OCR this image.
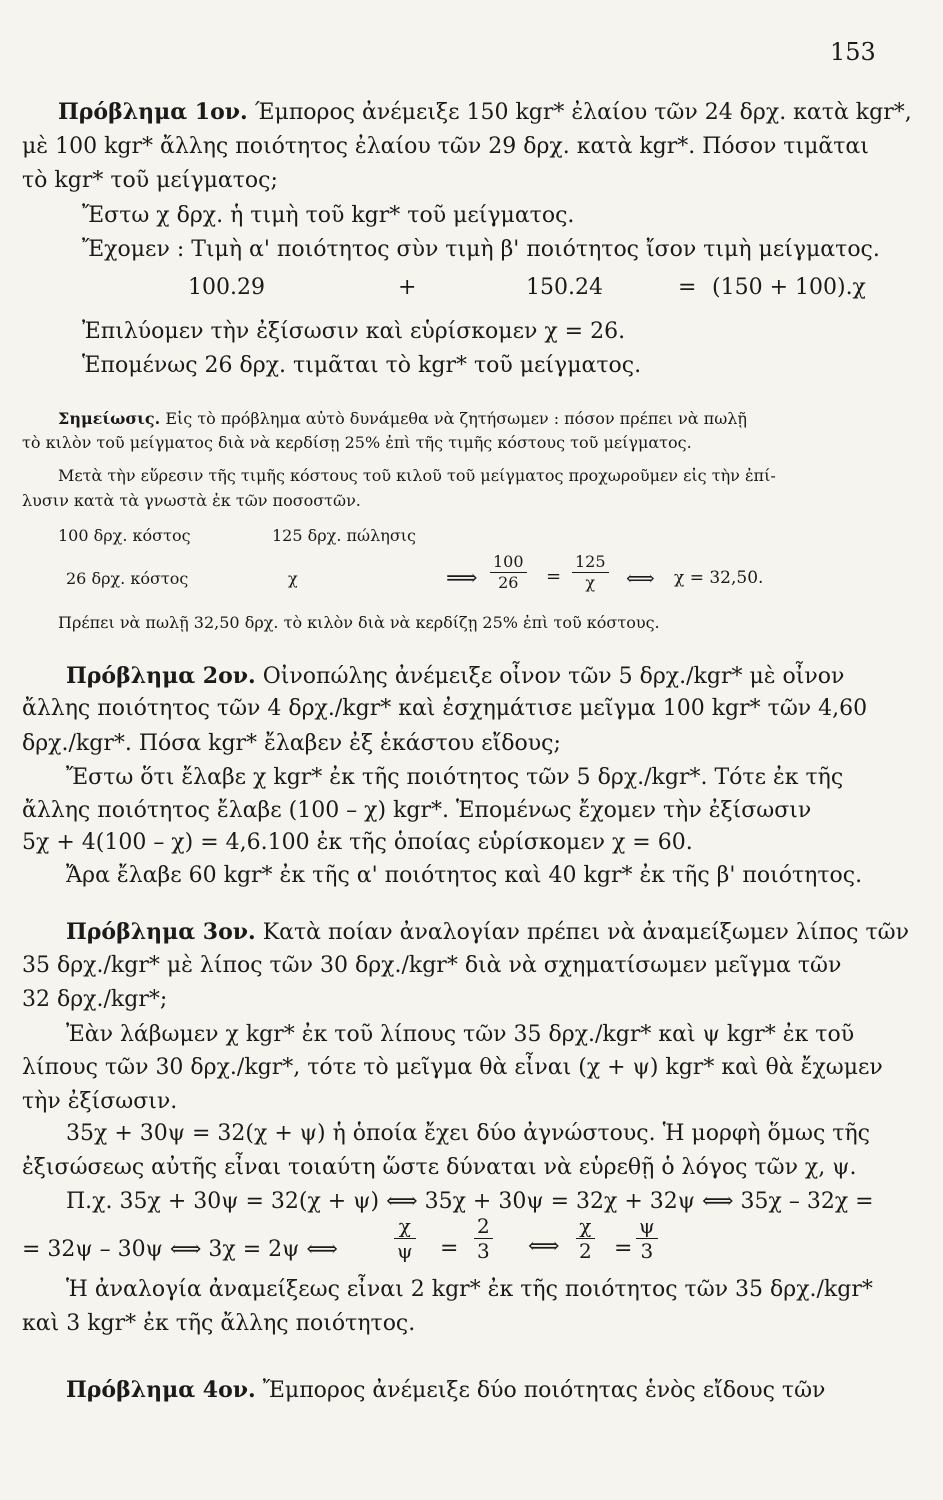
153
Πρόβλημα 1ον. Έμπορος ἀνέμειξε 150 kgr* ἐλαίου τῶν 24 δρχ. κατὰ kgr*,
μὲ 100 kgr* ἄλλης ποιότητος ἐλαίου τῶν 29 δρχ. κατὰ kgr*. Πόσον τιμᾶται
τὸ kgr* τοῦ μείγματος;
Ἔστω χ δρχ. ἡ τιμὴ τοῦ kgr* τοῦ μείγματος.
Ἔχομεν : Τιμὴ α' ποιότητος σὺν τιμὴ β' ποιότητος ἴσον τιμὴ μείγματος.
100.29	+	150.24	= (150 + 100).χ
Ἐπιλύομεν τὴν ἐξίσωσιν καὶ εὑρίσκομεν χ = 26.
Ἑπομένως 26 δρχ. τιμᾶται τὸ kgr* τοῦ μείγματος.
Σημείωσις. Εἰς τὸ πρόβλημα αὐτὸ δυνάμεθα νὰ ζητήσωμεν : πόσον πρέπει νὰ πωλῇ
τὸ κιλὸν τοῦ μείγματος διὰ νὰ κερδίσῃ 25% ἐπὶ τῆς τιμῆς κόστους τοῦ μείγματος.
Μετὰ τὴν εὕρεσιν τῆς τιμῆς κόστους τοῦ κιλοῦ τοῦ μείγματος προχωροῦμεν εἰς τὴν ἐπί-
λυσιν κατὰ τὰ γνωστὰ ἐκ τῶν ποσοστῶν.
100 δρχ. κόστος	125 δρχ. πώλησις
26 δρχ. κόστος	χ	⟹ $\frac{100}{26} = \frac{125}{\chi}$ ⟺ χ = 32,50.
Πρέπει νὰ πωλῇ 32,50 δρχ. τὸ κιλὸν διὰ νὰ κερδίζῃ 25% ἐπὶ τοῦ κόστους.
Πρόβλημα 2ον. Οἰνοπώλης ἀνέμειξε οἶνον τῶν 5 δρχ./kgr* μὲ οἶνον
ἄλλης ποιότητος τῶν 4 δρχ./kgr* καὶ ἐσχημάτισε μεῖγμα 100 kgr* τῶν 4,60
δρχ./kgr*. Πόσα kgr* ἔλαβεν ἐξ ἑκάστου εἴδους;
Ἔστω ὅτι ἔλαβε χ kgr* ἐκ τῆς ποιότητος τῶν 5 δρχ./kgr*. Τότε ἐκ τῆς
ἄλλης ποιότητος ἔλαβε (100 – χ) kgr*. Ἑπομένως ἔχομεν τὴν ἐξίσωσιν
5χ + 4(100 – χ) = 4,6.100 ἐκ τῆς ὁποίας εὑρίσκομεν χ = 60.
Ἄρα ἔλαβε 60 kgr* ἐκ τῆς α' ποιότητος καὶ 40 kgr* ἐκ τῆς β' ποιότητος.
Πρόβλημα 3ον. Κατὰ ποίαν ἀναλογίαν πρέπει νὰ ἀναμείξωμεν λίπος τῶν
35 δρχ./kgr* μὲ λίπος τῶν 30 δρχ./kgr* διὰ νὰ σχηματίσωμεν μεῖγμα τῶν
32 δρχ./kgr*;
Ἐὰν λάβωμεν χ kgr* ἐκ τοῦ λίπους τῶν 35 δρχ./kgr* καὶ ψ kgr* ἐκ τοῦ
λίπους τῶν 30 δρχ./kgr*, τότε τὸ μεῖγμα θὰ εἶναι (χ + ψ) kgr* καὶ θὰ ἔχωμεν
τὴν ἐξίσωσιν.
35χ + 30ψ = 32(χ + ψ) ἡ ὁποία ἔχει δύο ἀγνώστους. Ἡ μορφὴ ὅμως τῆς
ἐξισώσεως αὐτῆς εἶναι τοιαύτη ὥστε δύναται νὰ εὑρεθῇ ὁ λόγος τῶν χ, ψ.
Π.χ. 35χ + 30ψ = 32(χ + ψ) ⟺ 35χ + 30ψ = 32χ + 32ψ ⟺ 35χ – 32χ =
= 32ψ – 30ψ ⟺ 3χ = 2ψ ⟺	$\frac{\chi}{\psi} = \frac{2}{3}$ ⟺ $\frac{\chi}{2} = \frac{\psi}{3}$
Ἡ ἀναλογία ἀναμείξεως εἶναι 2 kgr* ἐκ τῆς ποιότητος τῶν 35 δρχ./kgr*
καὶ 3 kgr* ἐκ τῆς ἄλλης ποιότητος.
Πρόβλημα 4ον. Ἔμπορος ἀνέμειξε δύο ποιότητας ἑνὸς εἴδους τῶν
